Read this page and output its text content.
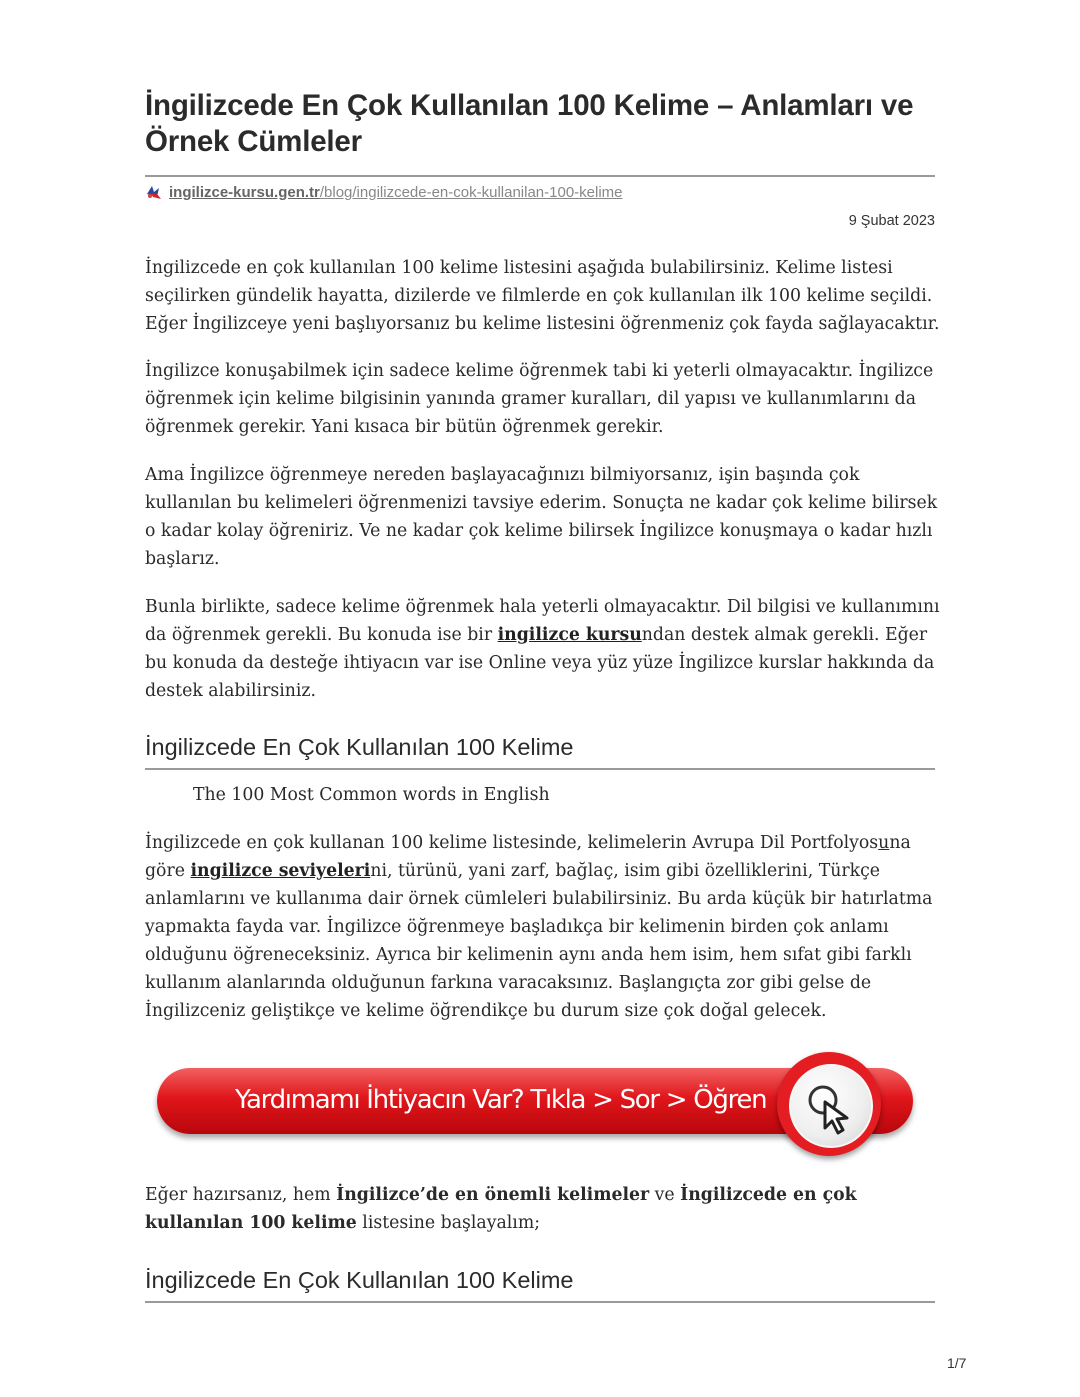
İngilizcede En Çok Kullanılan 100 Kelime – Anlamları ve Örnek Cümleler
ingilizce-kursu.gen.tr /blog/ingilizcede-en-cok-kullanilan-100-kelime
9 Şubat 2023

İngilizcede en çok kullanılan 100 kelime listesini aşağıda bulabilirsiniz. Kelime listesi seçilirken gündelik hayatta, dizilerde ve filmlerde en çok kullanılan ilk 100 kelime seçildi. Eğer İngilizceye yeni başlıyorsanız bu kelime listesini öğrenmeniz çok fayda sağlayacaktır.

İngilizce konuşabilmek için sadece kelime öğrenmek tabi ki yeterli olmayacaktır. İngilizce öğrenmek için kelime bilgisinin yanında gramer kuralları, dil yapısı ve kullanımlarını da öğrenmek gerekir. Yani kısaca bir bütün öğrenmek gerekir.

Ama İngilizce öğrenmeye nereden başlayacağınızı bilmiyorsanız, işin başında çok kullanılan bu kelimeleri öğrenmenizi tavsiye ederim. Sonuçta ne kadar çok kelime bilirsek o kadar kolay öğreniriz. Ve ne kadar çok kelime bilirsek İngilizce konuşmaya o kadar hızlı başlarız.

Bunla birlikte, sadece kelime öğrenmek hala yeterli olmayacaktır. Dil bilgisi ve kullanımını da öğrenmek gerekli. Bu konuda ise bir ingilizce kursundan destek almak gerekli. Eğer bu konuda da desteğe ihtiyacın var ise Online veya yüz yüze İngilizce kurslar hakkında da destek alabilirsiniz.

İngilizcede En Çok Kullanılan 100 Kelime

The 100 Most Common words in English

İngilizcede en çok kullanan 100 kelime listesinde, kelimelerin Avrupa Dil Portfolyosuna göre ingilizce seviyelerini, türünü, yani zarf, bağlaç, isim gibi özelliklerini, Türkçe anlamlarını ve kullanıma dair örnek cümleleri bulabilirsiniz. Bu arda küçük bir hatırlatma yapmakta fayda var. İngilizce öğrenmeye başladıkça bir kelimenin birden çok anlamı olduğunu öğreneceksiniz. Ayrıca bir kelimenin aynı anda hem isim, hem sıfat gibi farklı kullanım alanlarında olduğunun farkına varacaksınız. Başlangıçta zor gibi gelse de İngilizceniz geliştikçe ve kelime öğrendikçe bu durum size çok doğal gelecek.

Yardımamı İhtiyacın Var? Tıkla > Sor > Öğren

Eğer hazırsanız, hem İngilizce’de en önemli kelimeler ve İngilizcede en çok kullanılan 100 kelime listesine başlayalım;

İngilizcede En Çok Kullanılan 100 Kelime
1/7
